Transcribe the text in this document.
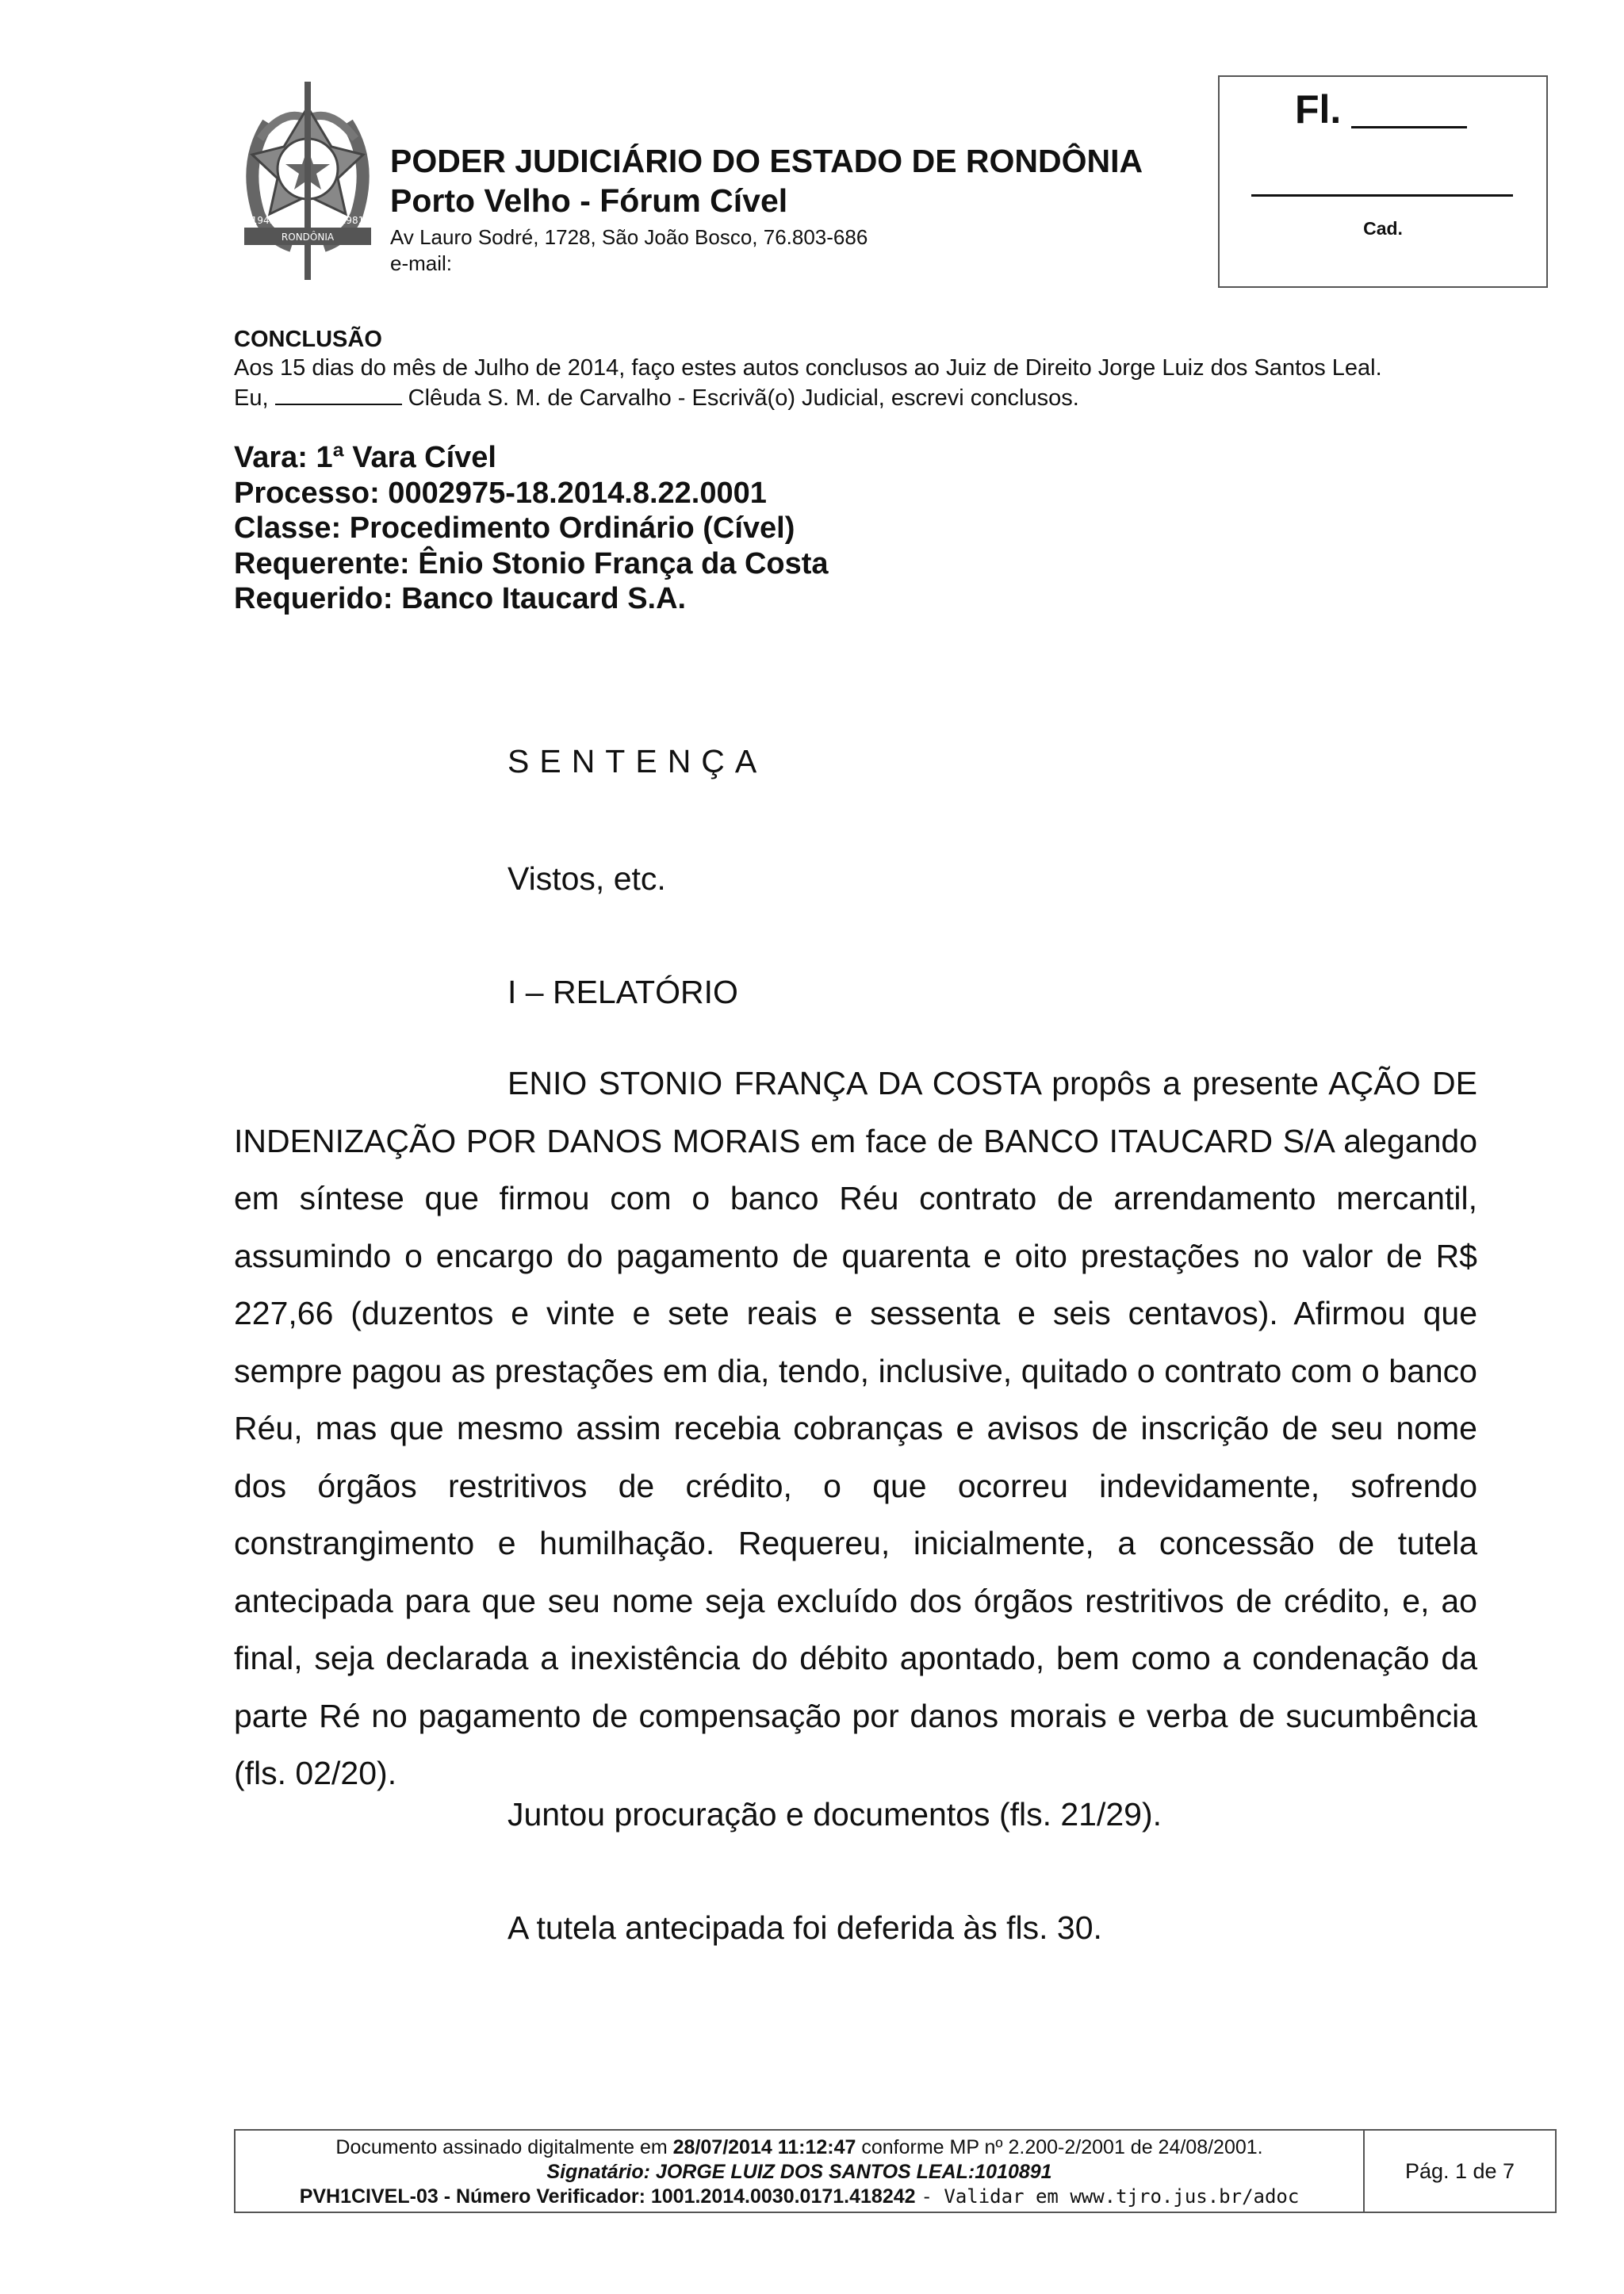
RONDÔNIA
1943	1981
PODER JUDICIÁRIO DO ESTADO DE RONDÔNIA
Porto Velho - Fórum Cível
Av Lauro Sodré, 1728, São João Bosco, 76.803-686
e-mail:
Fl.
Cad.
CONCLUSÃO
Aos 15 dias do mês de Julho de 2014, faço estes autos conclusos ao Juiz de Direito Jorge Luiz dos Santos Leal.
Eu,	Clêuda S. M. de Carvalho - Escrivã(o) Judicial, escrevi conclusos.
Vara: 1ª Vara Cível
Processo: 0002975-18.2014.8.22.0001
Classe: Procedimento Ordinário (Cível)
Requerente: Ênio Stonio França da Costa
Requerido: Banco Itaucard S.A.
SENTENÇA
Vistos, etc.
I – RELATÓRIO
ENIO STONIO FRANÇA DA COSTA propôs a presente AÇÃO DE INDENIZAÇÃO POR DANOS MORAIS em face de BANCO ITAUCARD S/A alegando em síntese que firmou com o banco Réu contrato de arrendamento mercantil, assumindo o encargo do pagamento de quarenta e oito prestações no valor de R$ 227,66 (duzentos e vinte e sete reais e sessenta e seis centavos). Afirmou que sempre pagou as prestações em dia, tendo, inclusive, quitado o contrato com o banco Réu, mas que mesmo assim recebia cobranças e avisos de inscrição de seu nome dos órgãos restritivos de crédito, o que ocorreu indevidamente, sofrendo constrangimento e humilhação. Requereu, inicialmente, a concessão de tutela antecipada para que seu nome seja excluído dos órgãos restritivos de crédito, e, ao final, seja declarada a inexistência do débito apontado, bem como a condenação da parte Ré no pagamento de compensação por danos morais e verba de sucumbência (fls. 02/20).
Juntou procuração e documentos (fls. 21/29).
A tutela antecipada foi deferida às fls. 30.
Documento assinado digitalmente em 28/07/2014 11:12:47 conforme MP nº 2.200-2/2001 de 24/08/2001.
Signatário: JORGE LUIZ DOS SANTOS LEAL:1010891
PVH1CIVEL-03 - Número Verificador: 1001.2014.0030.0171.418242 - Validar em www.tjro.jus.br/adoc
Pág. 1 de 7
